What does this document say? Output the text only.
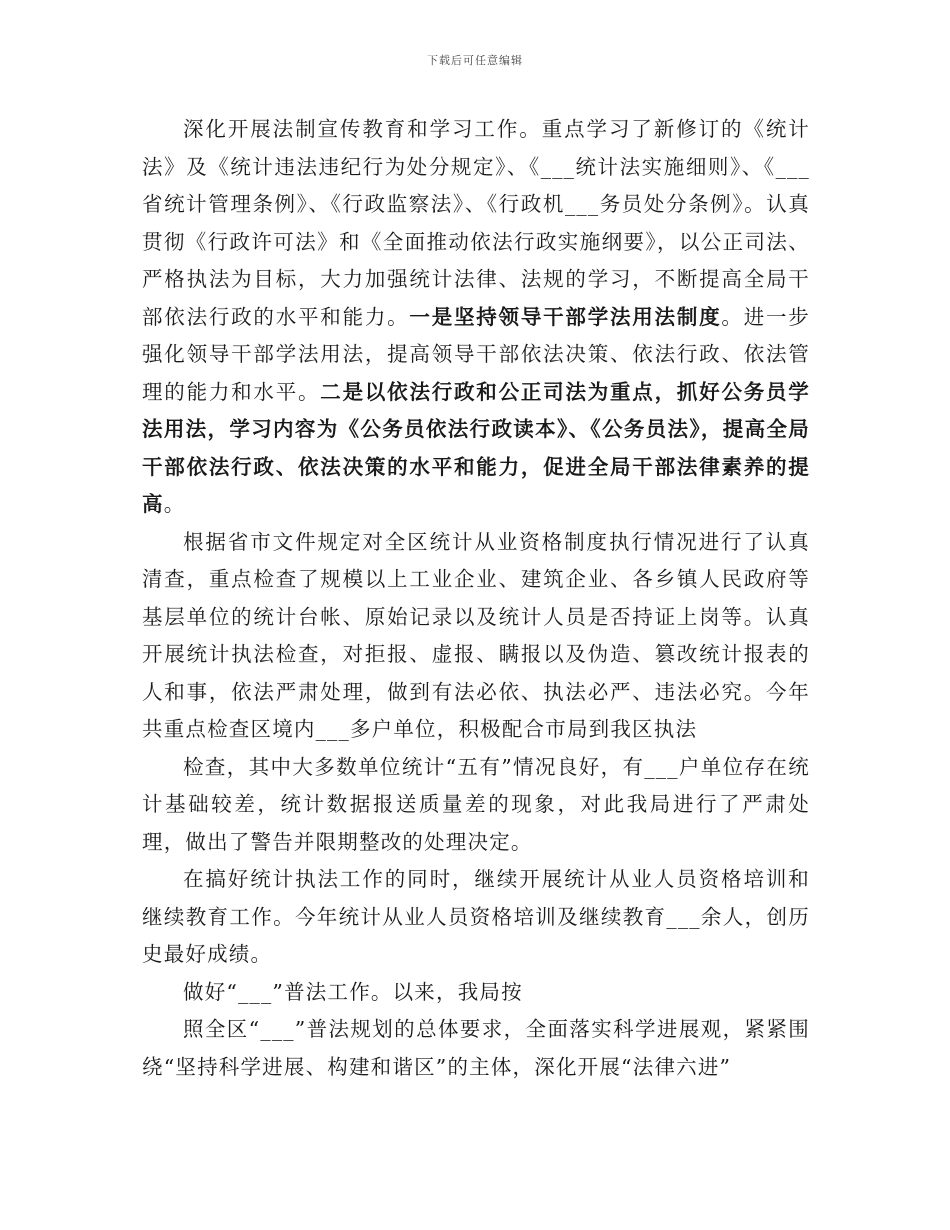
下载后可任意编辑

深化开展法制宣传教育和学习工作。重点学习了新修订的《统计法》及《统计违法违纪行为处分规定》、《___统计法实施细则》、《___省统计管理条例》、《行政监察法》、《行政机___务员处分条例》。认真贯彻《行政许可法》和《全面推动依法行政实施纲要》，以公正司法、严格执法为目标，大力加强统计法律、法规的学习，不断提高全局干部依法行政的水平和能力。一是坚持领导干部学法用法制度。进一步强化领导干部学法用法，提高领导干部依法决策、依法行政、依法管理的能力和水平。二是以依法行政和公正司法为重点，抓好公务员学法用法，学习内容为《公务员依法行政读本》、《公务员法》，提高全局干部依法行政、依法决策的水平和能力，促进全局干部法律素养的提高。

根据省市文件规定对全区统计从业资格制度执行情况进行了认真清查，重点检查了规模以上工业企业、建筑企业、各乡镇人民政府等基层单位的统计台帐、原始记录以及统计人员是否持证上岗等。认真开展统计执法检查，对拒报、虚报、瞒报以及伪造、篡改统计报表的人和事，依法严肃处理，做到有法必依、执法必严、违法必究。今年共重点检查区境内___多户单位，积极配合市局到我区执法

检查，其中大多数单位统计“五有”情况良好，有___户单位存在统计基础较差，统计数据报送质量差的现象，对此我局进行了严肃处理，做出了警告并限期整改的处理决定。

在搞好统计执法工作的同时，继续开展统计从业人员资格培训和继续教育工作。今年统计从业人员资格培训及继续教育___余人，创历史最好成绩。

做好“___”普法工作。以来，我局按

照全区“___”普法规划的总体要求，全面落实科学进展观，紧紧围绕“坚持科学进展、构建和谐区”的主体，深化开展“法律六进”
